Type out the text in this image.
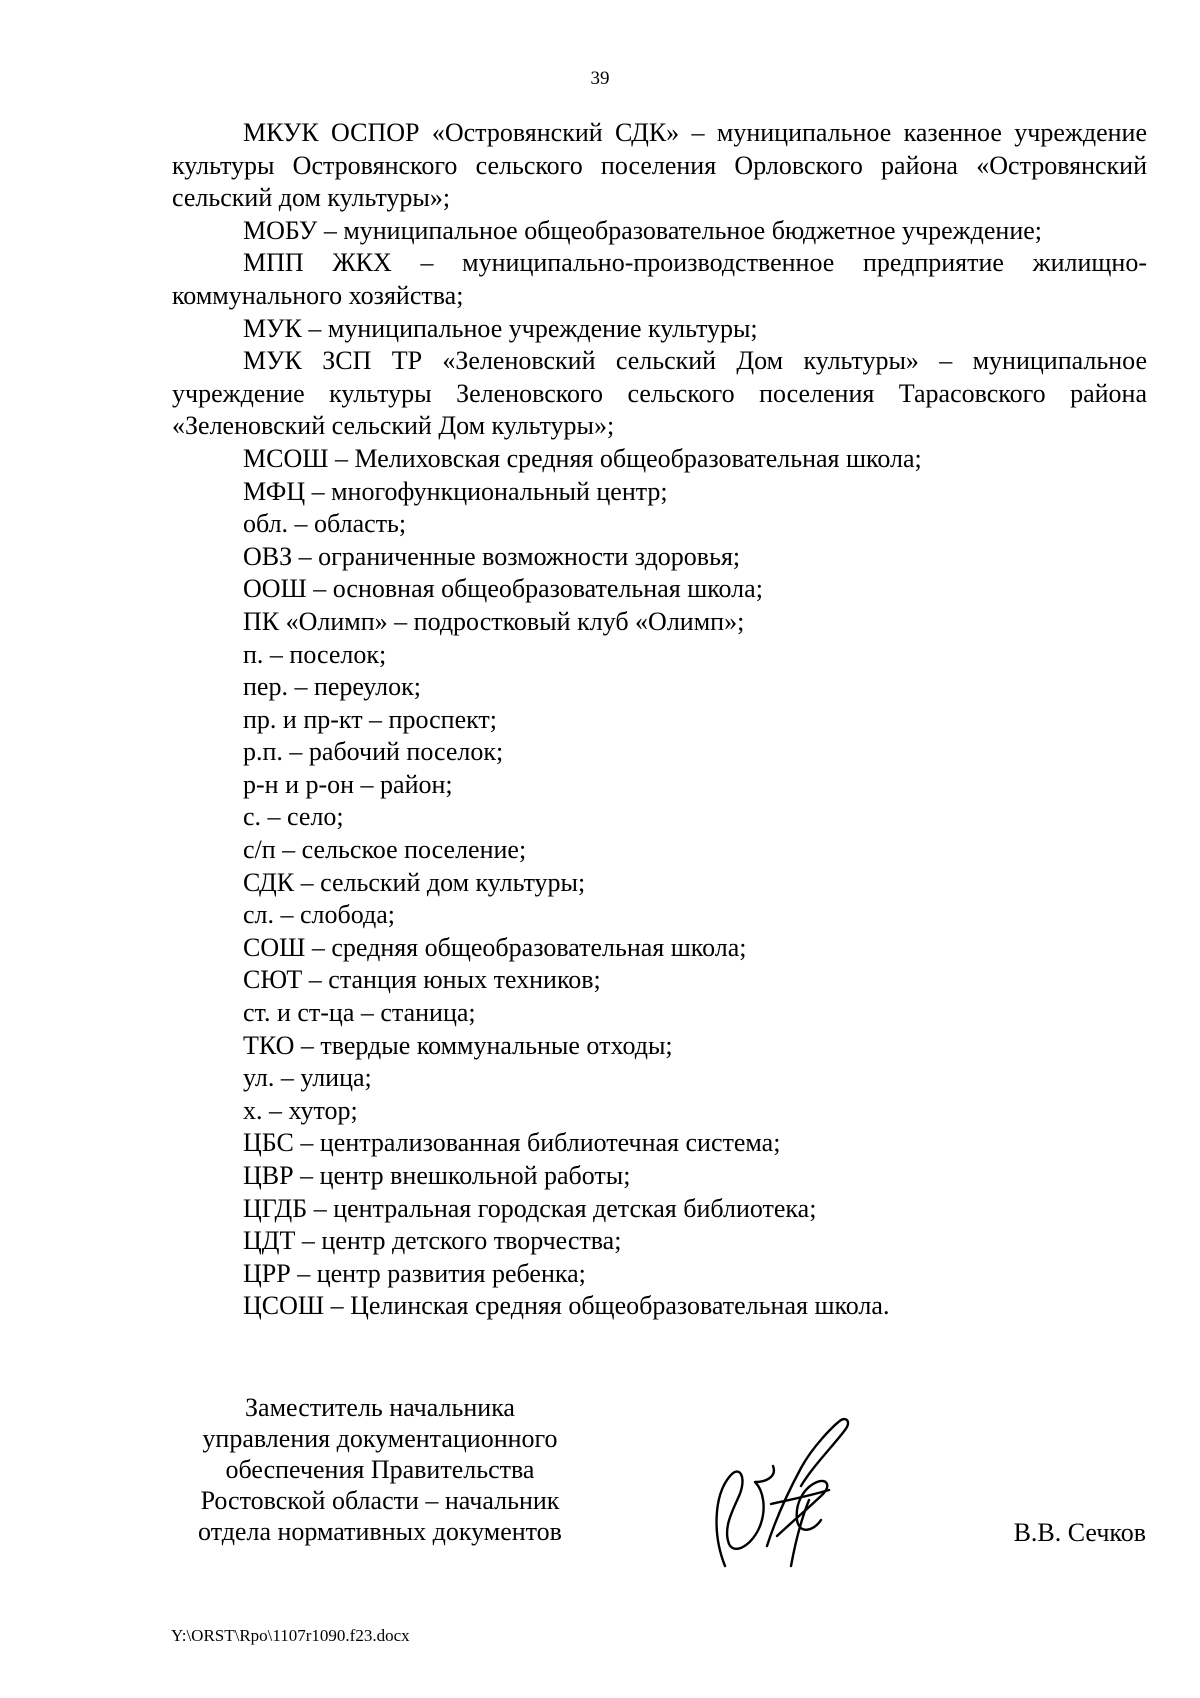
39

МКУК ОСПОР «Островянский СДК» – муниципальное казенное учреждение культуры Островянского сельского поселения Орловского района «Островянский сельский дом культуры»;

МОБУ – муниципальное общеобразовательное бюджетное учреждение;

МПП ЖКХ – муниципально-производственное предприятие жилищно-коммунального хозяйства;

МУК – муниципальное учреждение культуры;

МУК ЗСП ТР «Зеленовский сельский Дом культуры» – муниципальное учреждение культуры Зеленовского сельского поселения Тарасовского района «Зеленовский сельский Дом культуры»;

МСОШ – Мелиховская средняя общеобразовательная школа;

МФЦ – многофункциональный центр;

обл. – область;

ОВЗ – ограниченные возможности здоровья;

ООШ – основная общеобразовательная школа;

ПК «Олимп» – подростковый клуб «Олимп»;

п. – поселок;

пер. – переулок;

пр. и пр-кт – проспект;

р.п. – рабочий поселок;

р-н и р-он – район;

с. – село;

с/п – сельское поселение;

СДК – сельский дом культуры;

сл. – слобода;

СОШ – средняя общеобразовательная школа;

СЮТ – станция юных техников;

ст. и ст-ца – станица;

ТКО – твердые коммунальные отходы;

ул. – улица;

х. – хутор;

ЦБС – централизованная библиотечная система;

ЦВР – центр внешкольной работы;

ЦГДБ – центральная городская детская библиотека;

ЦДТ – центр детского творчества;

ЦРР – центр развития ребенка;

ЦСОШ – Целинская средняя общеобразовательная школа.

Заместитель начальника
управления документационного
обеспечения Правительства
Ростовской области – начальник
отдела нормативных документов	В.В. Сечков
Y:\ORST\Rpo\1107r1090.f23.docx
